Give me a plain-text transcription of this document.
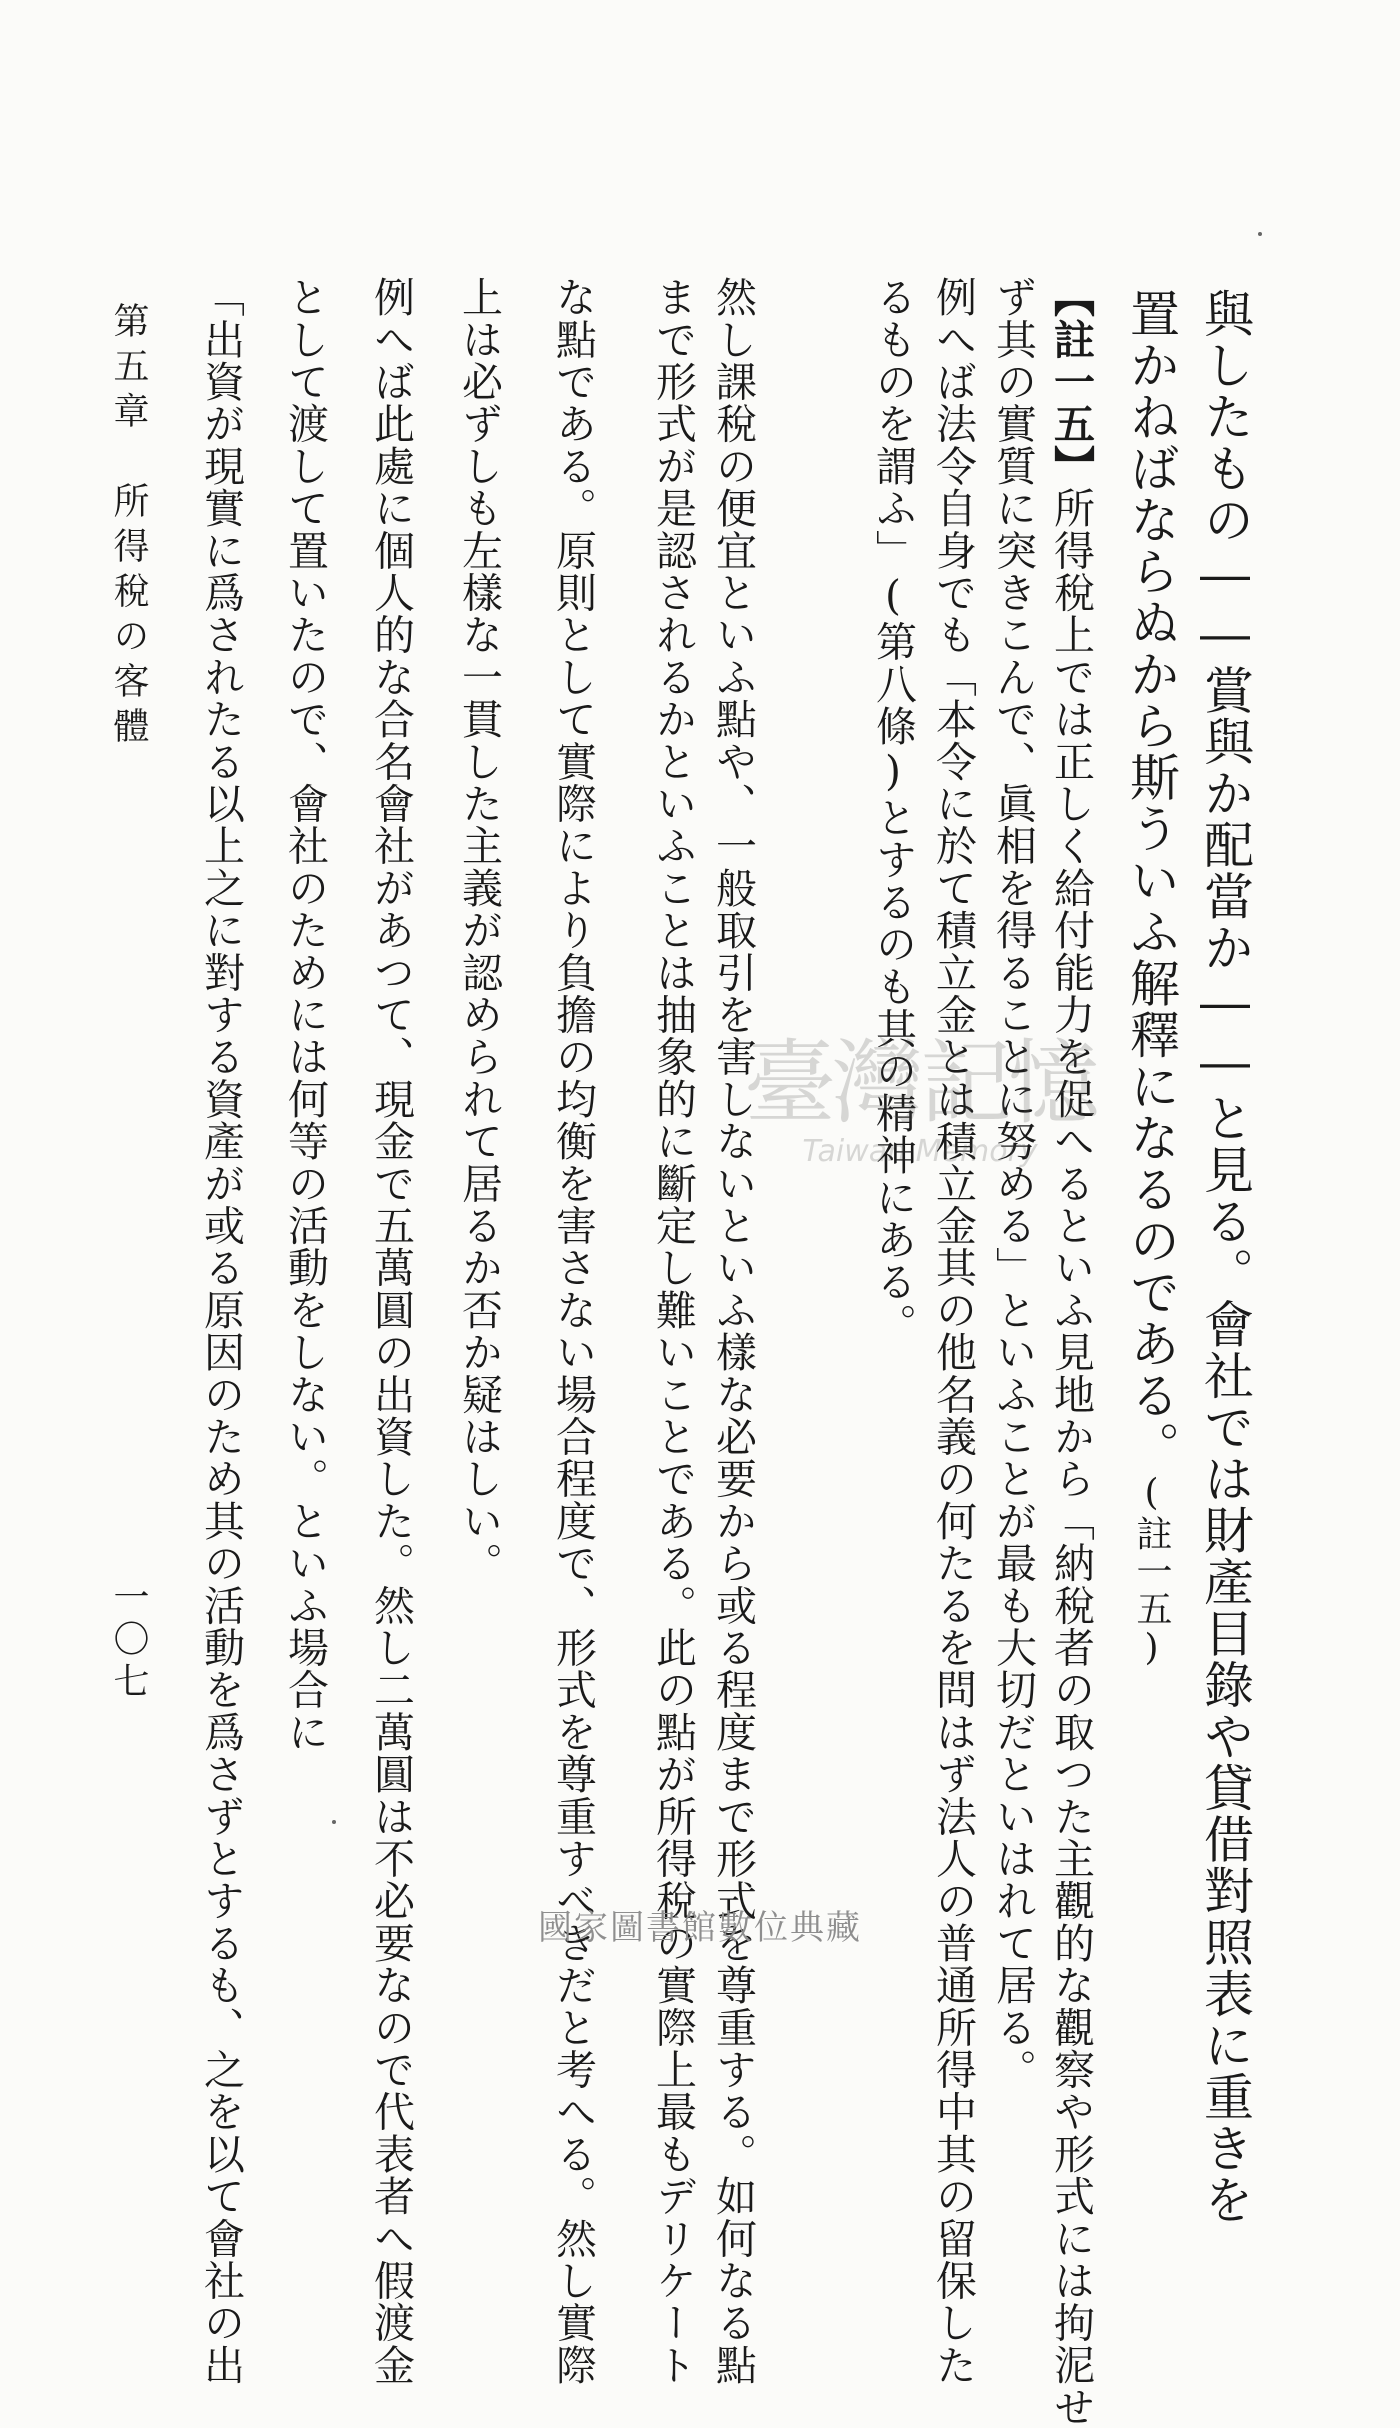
與したもの――賞與か配當か――と見る。會社では財產目錄や貸借對照表に重きを
置かねばならぬから斯ういふ解釋になるのである。(註一五)
【註一五】所得稅上では正しく給付能力を促へるといふ見地から「納稅者の取つた主觀的な觀察や形式には拘泥せ
ず其の實質に突きこんで、眞相を得ることに努める」といふことが最も大切だといはれて居る。
例へば法令自身でも「本令に於て積立金とは積立金其の他名義の何たるを問はず法人の普通所得中其の留保した
るものを謂ふ」(第八條)とするのも其の精神にある。
然し課稅の便宜といふ點や、一般取引を害しないといふ樣な必要から或る程度まで形式を尊重する。如何なる點
まで形式が是認されるかといふことは抽象的に斷定し難いことである。此の點が所得稅の實際上最もデリケート
な點である。原則として實際により負擔の均衡を害さない場合程度で、形式を尊重すべきだと考へる。然し實際
上は必ずしも左樣な一貫した主義が認められて居るか否か疑はしい。
例へば此處に個人的な合名會社があつて、現金で五萬圓の出資した。然し二萬圓は不必要なので代表者へ假渡金
として渡して置いたので、會社のためには何等の活動をしない。といふ場合に
「出資が現實に爲されたる以上之に對する資產が或る原因のため其の活動を爲さずとするも、之を以て會社の出
第五章　所得稅の客體
一〇七
臺灣記憶
Taiwan Memory
國家圖書館數位典藏
